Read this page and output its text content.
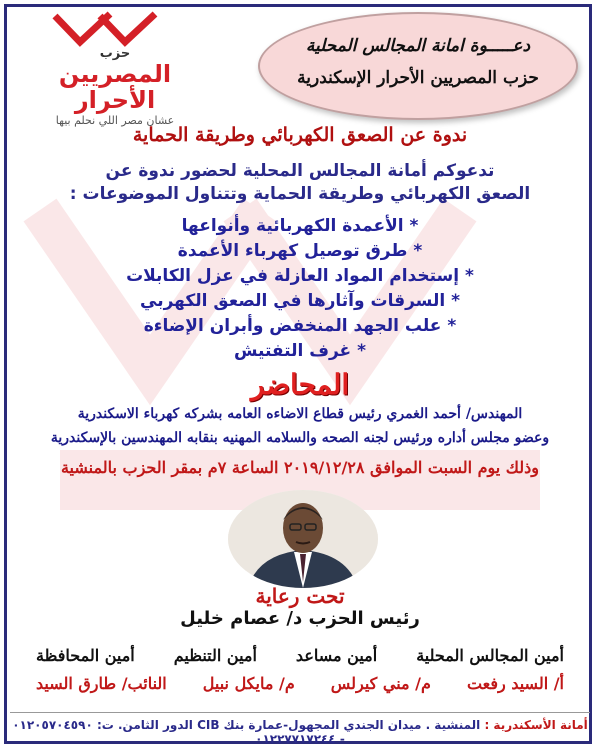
حزب
المصريين الأحرار
عشان مصر اللي نحلم بيها
دعـــــوة امانة المجالس المحلية
حزب المصريين الأحرار الإسكندرية
ندوة عن الصعق الكهربائي وطريقة الحماية
تدعوكم أمانة المجالس المحلية لحضور ندوة عن
الصعق الكهربائي وطريقة الحماية وتتناول الموضوعات :
* الأعمدة الكهربائية وأنواعها
* طرق توصيل كهرباء الأعمدة
* إستخدام المواد العازلة في عزل الكابلات
* السرقات وآثارها في الصعق الكهربي
* علب الجهد المنخفض وأبران الإضاءة
* غرف التفتيش
المحاضر
المهندس/ أحمد الغمري رئيس قطاع الاضاءه العامه بشركه كهرباء الاسكندرية
وعضو مجلس أداره ورئيس لجنه الصحه والسلامه المهنيه بنقابه المهندسين بالإسكندرية
وذلك يوم السبت الموافق ٢٠١٩/١٢/٢٨ الساعة ٧م بمقر الحزب بالمنشية
تحت رعاية
رئيس الحزب د/ عصام خليل
أمين المجالس المحلية
أمين مساعد
أمين التنظيم
أمين المحافظة
أ/ السيد رفعت
م/ مني كيرلس
م/ مايكل نبيل
النائب/ طارق السيد
أمانة الأسكندرية : المنشية . ميدان الجندي المجهول-عمارة بنك CIB الدور الثامن. ت: ٠١٢٠٥٧٠٤٥٩٠ - ٠١٢٢٧٧١٧٢٤٤
